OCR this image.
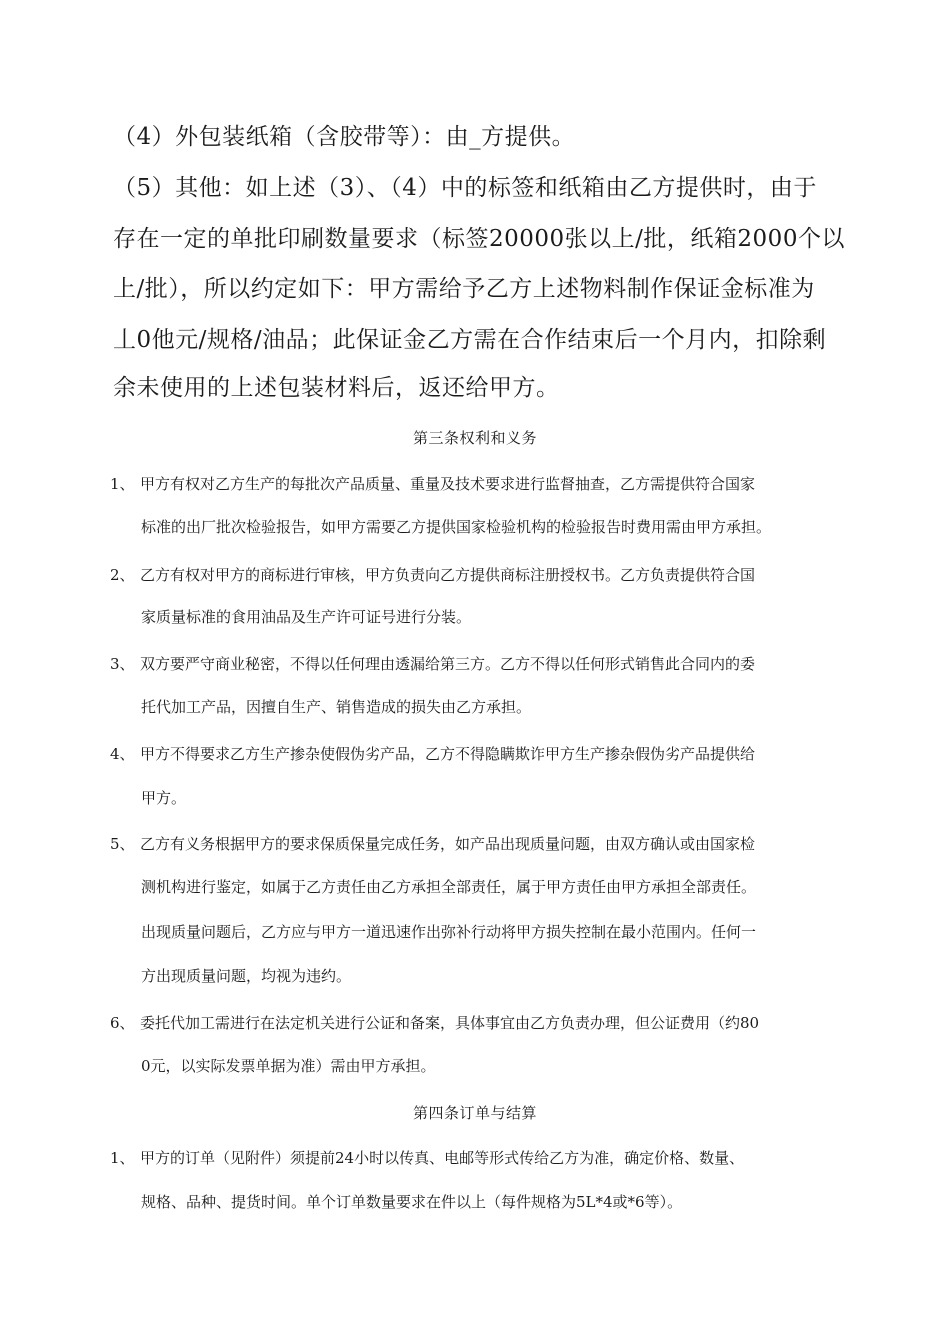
（4）外包装纸箱（含胶带等）：由_方提供。
（5）其他：如上述（3）、（4）中的标签和纸箱由乙方提供时，由于
存在一定的单批印刷数量要求（标签20000张以上/批，纸箱2000个以
上/批），所以约定如下：甲方需给予乙方上述物料制作保证金标准为
丄0他元/规格/油品；此保证金乙方需在合作结束后一个月内，扣除剩
余未使用的上述包装材料后，返还给甲方。
第三条权利和义务
1、 甲方有权对乙方生产的每批次产品质量、重量及技术要求进行监督抽查，乙方需提供符合国家
标准的出厂批次检验报告，如甲方需要乙方提供国家检验机构的检验报告时费用需由甲方承担。
2、 乙方有权对甲方的商标进行审核，甲方负责向乙方提供商标注册授权书。乙方负责提供符合国
家质量标准的食用油品及生产许可证号进行分装。
3、 双方要严守商业秘密，不得以任何理由透漏给第三方。乙方不得以任何形式销售此合同内的委
托代加工产品，因擅自生产、销售造成的损失由乙方承担。
4、 甲方不得要求乙方生产掺杂使假伪劣产品，乙方不得隐瞒欺诈甲方生产掺杂假伪劣产品提供给
甲方。
5、 乙方有义务根据甲方的要求保质保量完成任务，如产品出现质量问题，由双方确认或由国家检
测机构进行鉴定，如属于乙方责任由乙方承担全部责任，属于甲方责任由甲方承担全部责任。
出现质量问题后，乙方应与甲方一道迅速作出弥补行动将甲方损失控制在最小范围内。任何一
方出现质量问题，均视为违约。
6、 委托代加工需进行在法定机关进行公证和备案，具体事宜由乙方负责办理，但公证费用（约80
0元，以实际发票单据为准）需由甲方承担。
第四条订单与结算
1、 甲方的订单（见附件）须提前24小时以传真、电邮等形式传给乙方为准，确定价格、数量、
规格、品种、提货时间。单个订单数量要求在件以上（每件规格为5L*4或*6等）。
